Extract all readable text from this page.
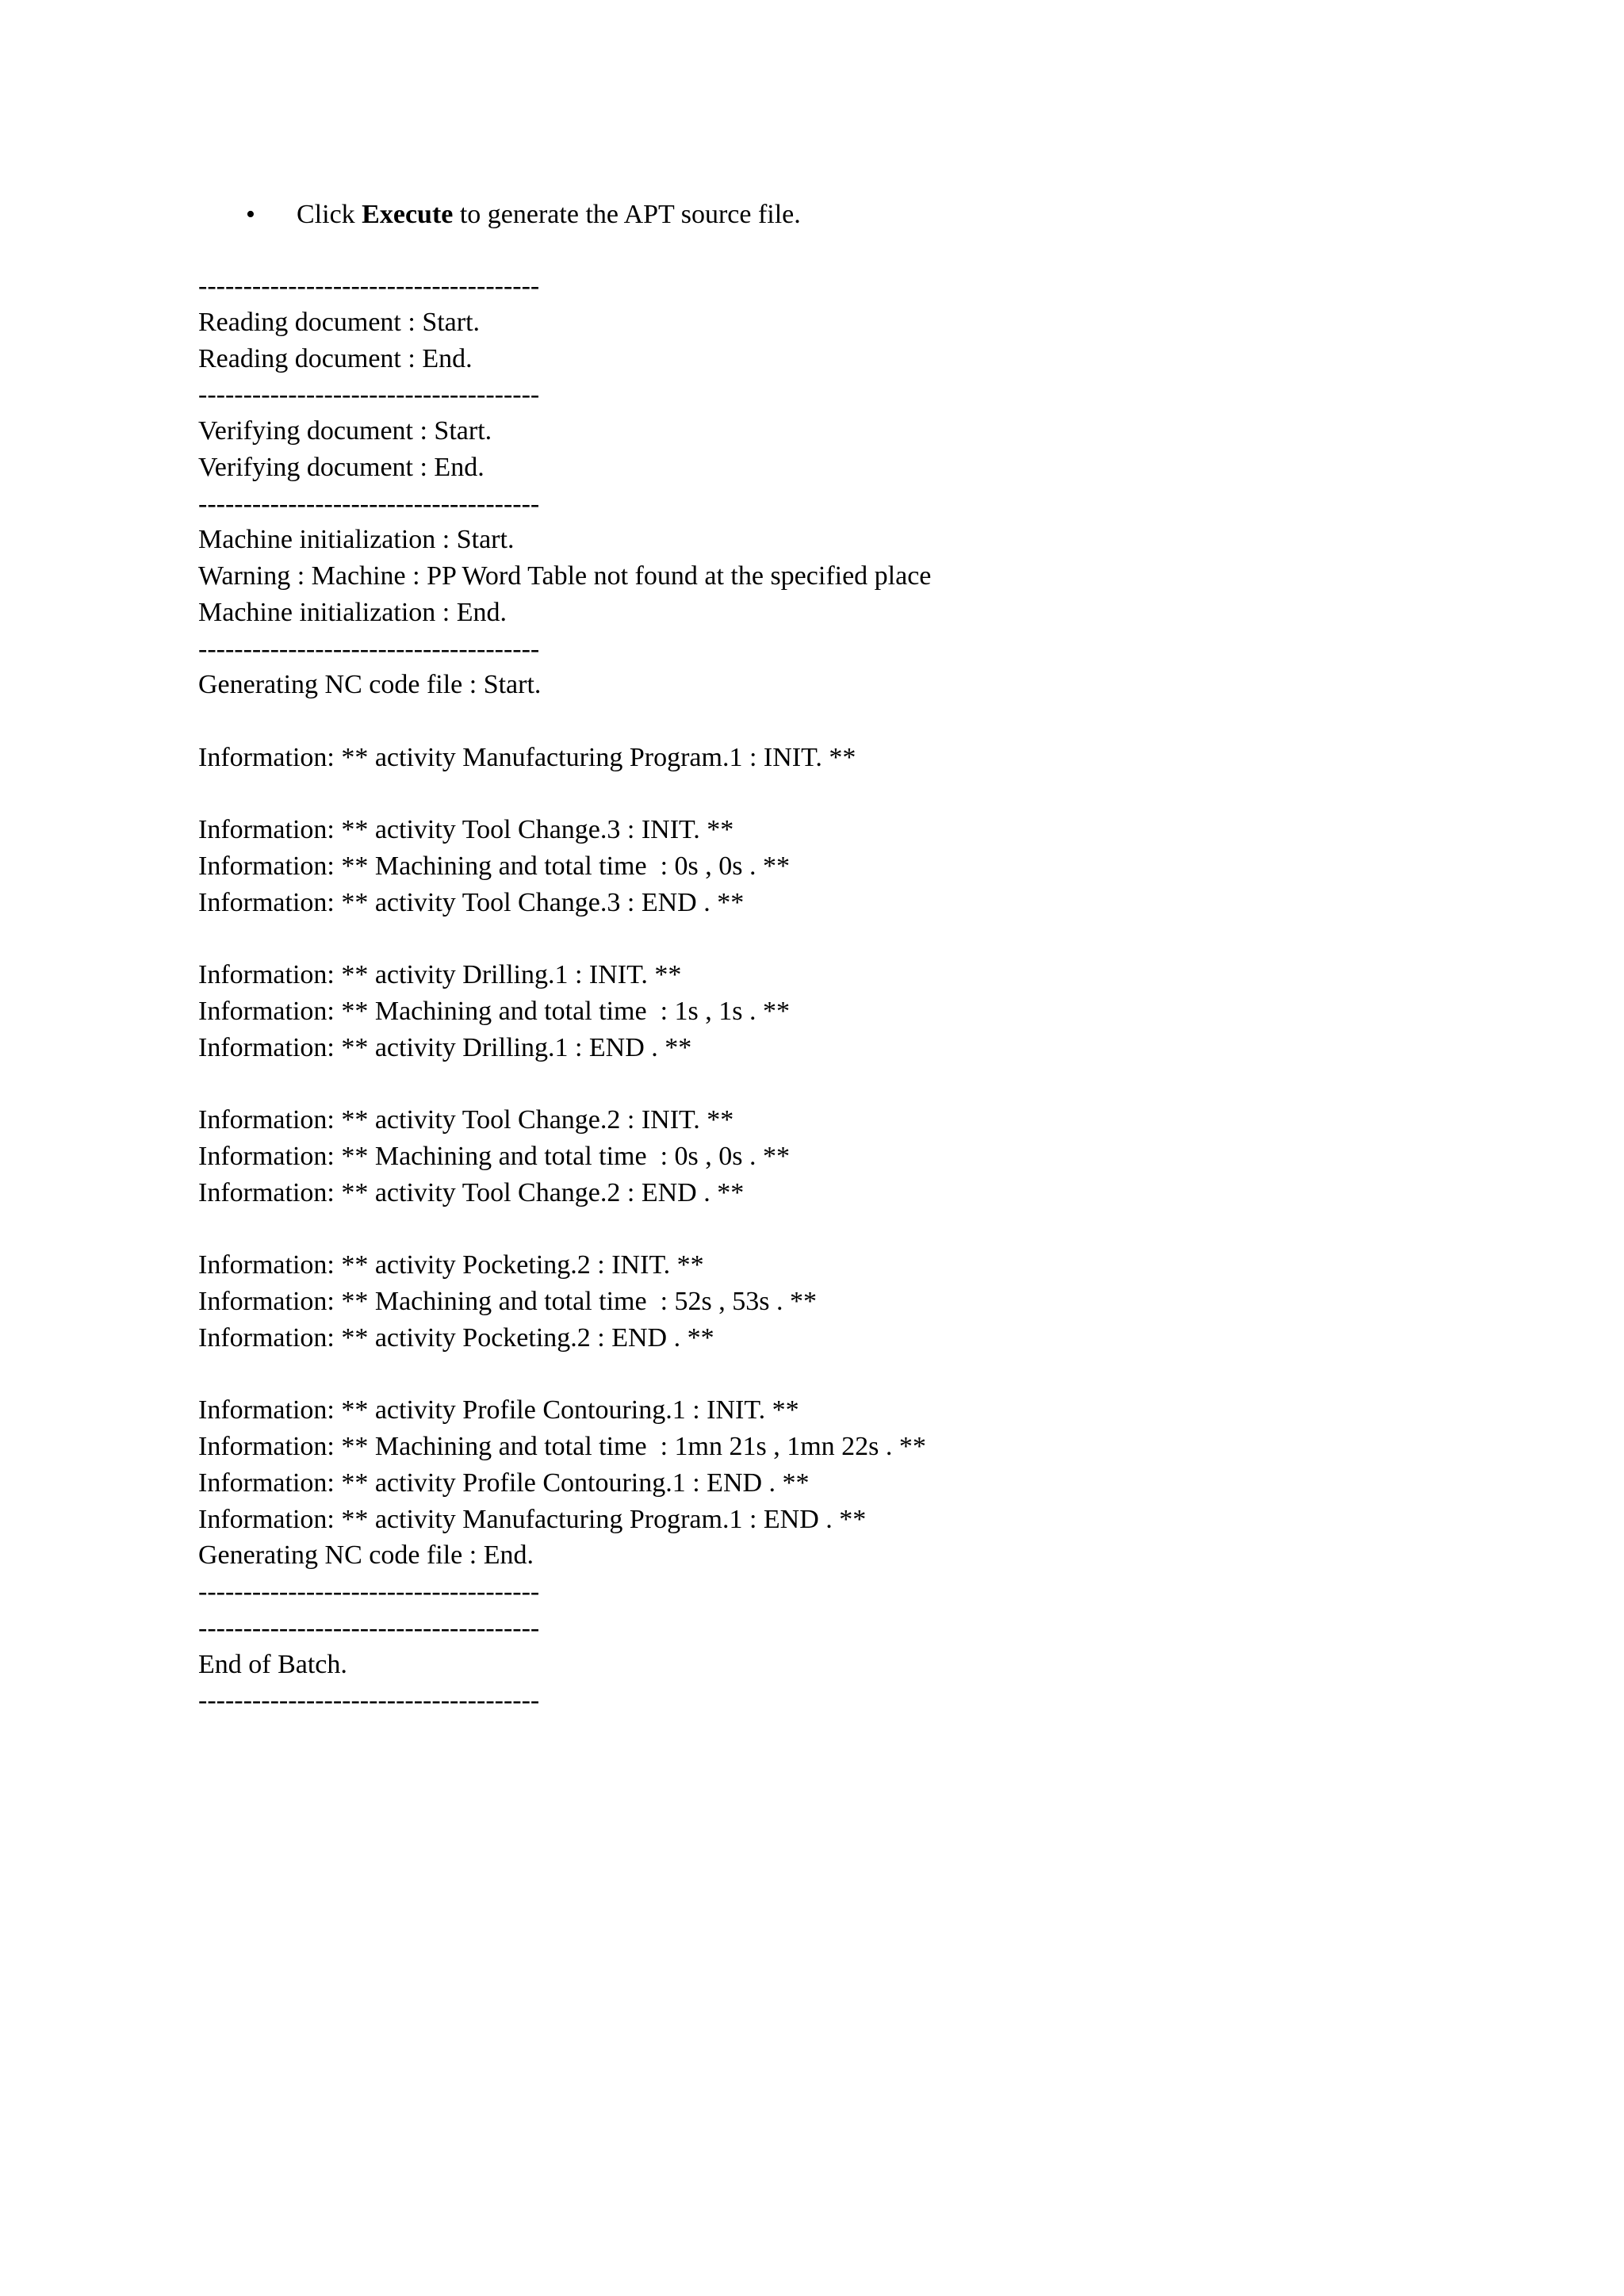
• Click Execute to generate the APT source file.
--------------------------------------
Reading document : Start.
Reading document : End.
--------------------------------------
Verifying document : Start.
Verifying document : End.
--------------------------------------
Machine initialization : Start.
Warning : Machine : PP Word Table not found at the specified place
Machine initialization : End.
--------------------------------------
Generating NC code file : Start.
Information: ** activity Manufacturing Program.1 : INIT. **
Information: ** activity Tool Change.3 : INIT. **
Information: ** Machining and total time  : 0s , 0s . **
Information: ** activity Tool Change.3 : END . **
Information: ** activity Drilling.1 : INIT. **
Information: ** Machining and total time  : 1s , 1s . **
Information: ** activity Drilling.1 : END . **
Information: ** activity Tool Change.2 : INIT. **
Information: ** Machining and total time  : 0s , 0s . **
Information: ** activity Tool Change.2 : END . **
Information: ** activity Pocketing.2 : INIT. **
Information: ** Machining and total time  : 52s , 53s . **
Information: ** activity Pocketing.2 : END . **
Information: ** activity Profile Contouring.1 : INIT. **
Information: ** Machining and total time  : 1mn 21s , 1mn 22s . **
Information: ** activity Profile Contouring.1 : END . **
Information: ** activity Manufacturing Program.1 : END . **
Generating NC code file : End.
--------------------------------------
--------------------------------------
End of Batch.
--------------------------------------
